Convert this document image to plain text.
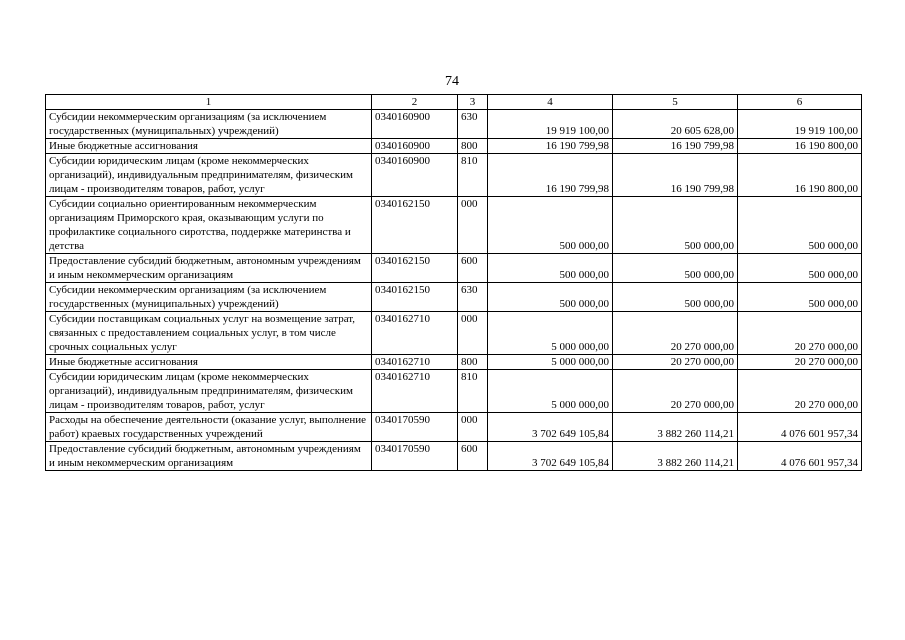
74
1	2	3	4	5	6
Субсидии некоммерческим организациям (за исключением государственных (муниципальных) учреждений)	0340160900	630	19 919 100,00	20 605 628,00	19 919 100,00
Иные бюджетные ассигнования	0340160900	800	16 190 799,98	16 190 799,98	16 190 800,00
Субсидии юридическим лицам (кроме некоммерческих организаций), индивидуальным предпринимателям, физическим лицам - производителям товаров, работ, услуг	0340160900	810	16 190 799,98	16 190 799,98	16 190 800,00
Субсидии социально ориентированным некоммерческим организациям Приморского края, оказывающим услуги по профилактике социального сиротства, поддержке материнства и детства	0340162150	000	500 000,00	500 000,00	500 000,00
Предоставление субсидий бюджетным, автономным учреждениям и иным некоммерческим организациям	0340162150	600	500 000,00	500 000,00	500 000,00
Субсидии некоммерческим организациям (за исключением государственных (муниципальных) учреждений)	0340162150	630	500 000,00	500 000,00	500 000,00
Субсидии поставщикам социальных услуг на возмещение затрат, связанных с предоставлением социальных услуг, в том числе срочных социальных услуг	0340162710	000	5 000 000,00	20 270 000,00	20 270 000,00
Иные бюджетные ассигнования	0340162710	800	5 000 000,00	20 270 000,00	20 270 000,00
Субсидии юридическим лицам (кроме некоммерческих организаций), индивидуальным предпринимателям, физическим лицам - производителям товаров, работ, услуг	0340162710	810	5 000 000,00	20 270 000,00	20 270 000,00
Расходы на обеспечение деятельности (оказание услуг, выполнение работ) краевых государственных учреждений	0340170590	000	3 702 649 105,84	3 882 260 114,21	4 076 601 957,34
Предоставление субсидий бюджетным, автономным учреждениям и иным некоммерческим организациям	0340170590	600	3 702 649 105,84	3 882 260 114,21	4 076 601 957,34
